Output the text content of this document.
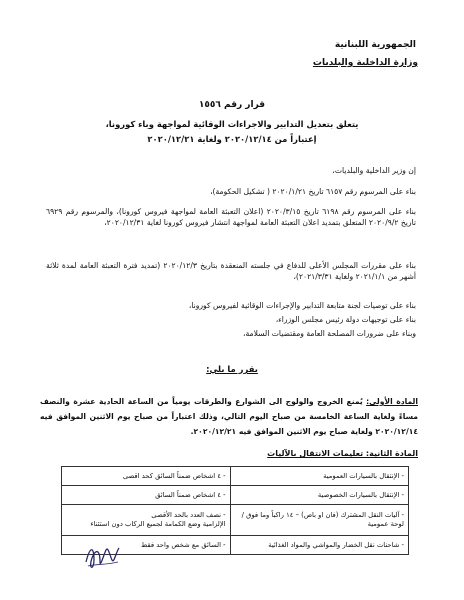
الجمهورية اللبنانية
وزارة الداخلية والبلديات
قرار رقم ١٥٥٦
يتعلق بتعديل التدابير والاجراءات الوقائية لمواجهة وباء كورونا،
إعتباراً من ٢٠٢٠/١٢/١٤ ولغاية ٢٠٢٠/١٢/٢١
إن وزير الداخلية والبلديات،
بناء على المرسوم رقم ٦١٥٧ تاريخ ٢٠٢٠/١/٢١ ( تشكيل الحكومة)،
بناء على المرسوم رقم ٦١٩٨ تاريخ ٢٠٢٠/٣/١٥ (اعلان التعبئة العامة لمواجهة فيروس كورونا)، والمرسوم رقم ٦٩٢٩ تاريخ ٢٠٢٠/٩/٢ المتعلق بتمديد اعلان التعبئة العامة لمواجهة انتشار فيروس كورونا لغاية ٢٠٢٠/١٢/٣١،
بناء على مقررات المجلس الأعلى للدفاع في جلسته المنعقدة بتاريخ ٢٠٢٠/١٢/٣ (تمديد فترة التعبئة العامة لمدة ثلاثة أشهر من ٢٠٢١/١/١ ولغاية ٢٠٢١/٣/٣١)،
بناء على توصيات لجنة متابعة التدابير والإجراءات الوقائية لفيروس كورونا،
بناء على توجيهات دولة رئيس مجلس الوزراء،
وبناء على ضرورات المصلحة العامة ومقتضيات السلامة،
يقرر ما يلي:
المادة الأولى: يُمنع الخروج والولوج الى الشوارع والطرقات يومياً من الساعة الحادية عشرة والنصف مساءً ولغاية الساعة الخامسة من صباح اليوم التالي، وذلك اعتباراً من صباح يوم الاثنين الموافق فيه ٢٠٢٠/١٢/١٤ ولغاية صباح يوم الاثنين الموافق فيه ٢٠٢٠/١٢/٢١.
المادة الثانية: تعليمات الانتقال بالآليات
- الإنتقال بالسيارات العمومية	- ٤ اشخاص ضمناً السائق كحد اقصى
- الإنتقال بالسيارات الخصوصية	- ٤ اشخاص ضمناً السائق
- آليات النقل المشترك (فان او باص) – ١٤ راكباً وما فوق / لوحة عمومية	- نصف العدد بالحد الأقصى
الإلزامية وضع الكمامة لجميع الركاب دون استثناء
- شاحنات نقل الخضار والمواشي والمواد الغذائية	- السائق مع شخص واحد فقط
